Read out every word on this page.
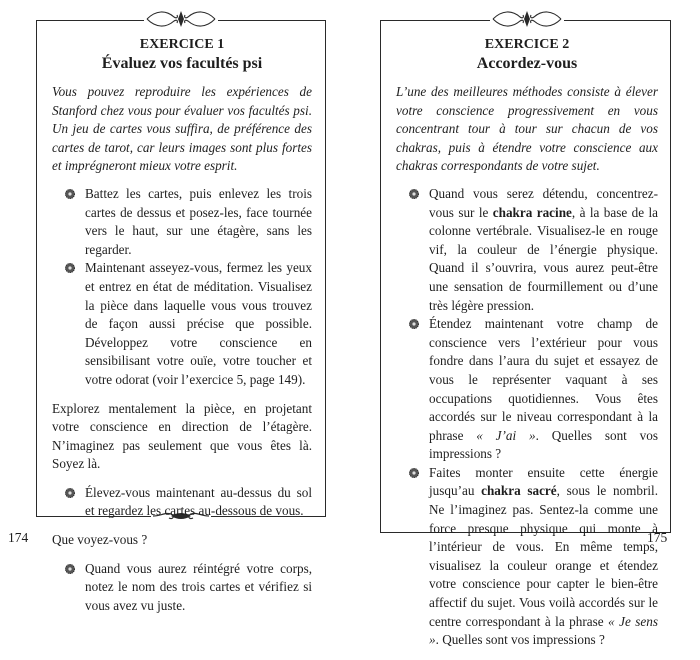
EXERCICE 1
Évaluez vos facultés psi

Vous pouvez reproduire les expériences de Stanford chez vous pour évaluer vos facultés psi. Un jeu de cartes vous suffira, de préférence des cartes de tarot, car leurs images sont plus fortes et imprégneront mieux votre esprit.

Battez les cartes, puis enlevez les trois cartes de dessus et posez-les, face tournée vers le haut, sur une étagère, sans les regarder.
Maintenant asseyez-vous, fermez les yeux et entrez en état de méditation. Visualisez la pièce dans laquelle vous vous trouvez de façon aussi précise que possible. Développez votre conscience en sensibilisant votre ouïe, votre toucher et votre odorat (voir l’exercice 5, page 149).

Explorez mentalement la pièce, en projetant votre conscience en direction de l’étagère. N’imaginez pas seulement que vous êtes là. Soyez là.

Élevez-vous maintenant au-dessus du sol et regardez les cartes au-dessous de vous.

Que voyez-vous ?

Quand vous aurez réintégré votre corps, notez le nom des trois cartes et vérifiez si vous avez vu juste.
EXERCICE 2
Accordez-vous

L’une des meilleures méthodes consiste à élever votre conscience progressivement en vous concentrant tour à tour sur chacun de vos chakras, puis à étendre votre conscience aux chakras correspondants de votre sujet.

Quand vous serez détendu, concentrez-vous sur le chakra racine, à la base de la colonne vertébrale. Visualisez-le en rouge vif, la couleur de l’énergie physique. Quand il s’ouvrira, vous aurez peut-être une sensation de fourmillement ou d’une très légère pression.
Étendez maintenant votre champ de conscience vers l’extérieur pour vous fondre dans l’aura du sujet et essayez de vous le représenter vaquant à ses occupations quotidiennes. Vous êtes accordés sur le niveau correspondant à la phrase « J’ai ». Quelles sont vos impressions ?
Faites monter ensuite cette énergie jusqu’au chakra sacré, sous le nombril. Ne l’imaginez pas. Sentez-la comme une force presque physique qui monte à l’intérieur de vous. En même temps, visualisez la couleur orange et étendez votre conscience pour capter le bien-être affectif du sujet. Vous voilà accordés sur le centre correspondant à la phrase « Je sens ». Quelles sont vos impressions ?
174	175
